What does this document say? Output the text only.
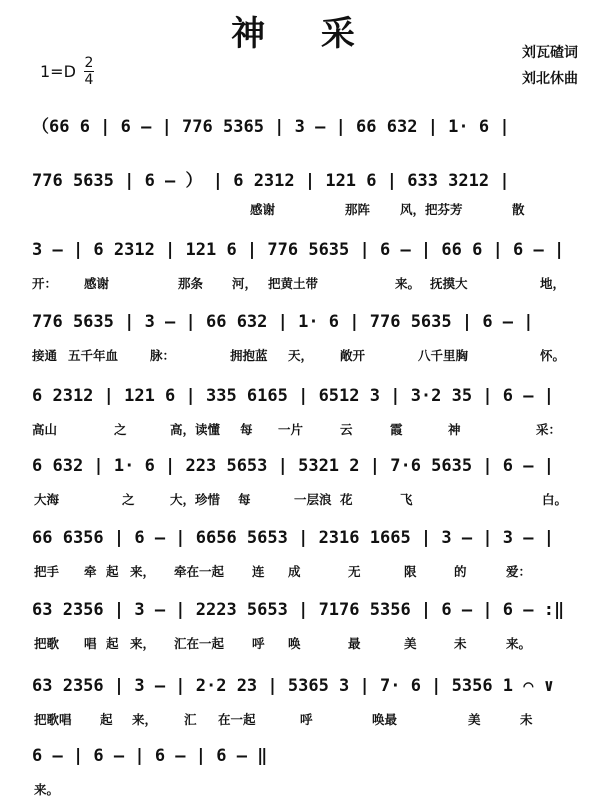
神 采
$1=D \frac{2}{4}$
刘瓦碴词
刘北休曲
（66 6 | 6 – | 776 5365 | 3 – | 66 632 | 1· 6 |
776 5635 | 6 – ） | 6 2312 | 121 6 | 633 3212 |
感谢	那阵 风，把芬芳	散
3 – | 6 2312 | 121 6 | 776 5635 | 6 – | 66 6 | 6 – |
开： 感谢	那条 河， 把黄土带	来。 抚摸大	地，
776 5635 | 3 – | 66 632 | 1· 6 | 776 5635 | 6 – |
接通 五千年血	脉：	拥抱蓝 天， 敞开	八千里胸	怀。
6 2312 | 121 6 | 335 6165 | 6512 3 | 3·2 35 | 6 – |
高山	之	高，读懂 每 一片	云	霞	神	采：
6 632 | 1· 6 | 223 5653 | 5321 2 | 7·6 5635 | 6 – |
大海	之	大，珍惜 每	一层浪 花	飞	白。
66 6356 | 6 – | 6656 5653 | 2316 1665 | 3 – | 3 – |
把手 牵 起 来， 牵在一起 连 成	无	限	的	爱：
63 2356 | 3 – | 2223 5653 | 7176 5356 | 6 – | 6 – :‖
把歌 唱 起 来， 汇在一起 呼 唤	最	美	未	来。
63 2356 | 3 – | 2·2 23 | 5365 3 | 7· 6 | 5356 1 ⌒ ∨
把歌唱 起 来， 汇 在一起	呼	唤最	美	未
6 – | 6 – | 6 – | 6 – ‖
来。
